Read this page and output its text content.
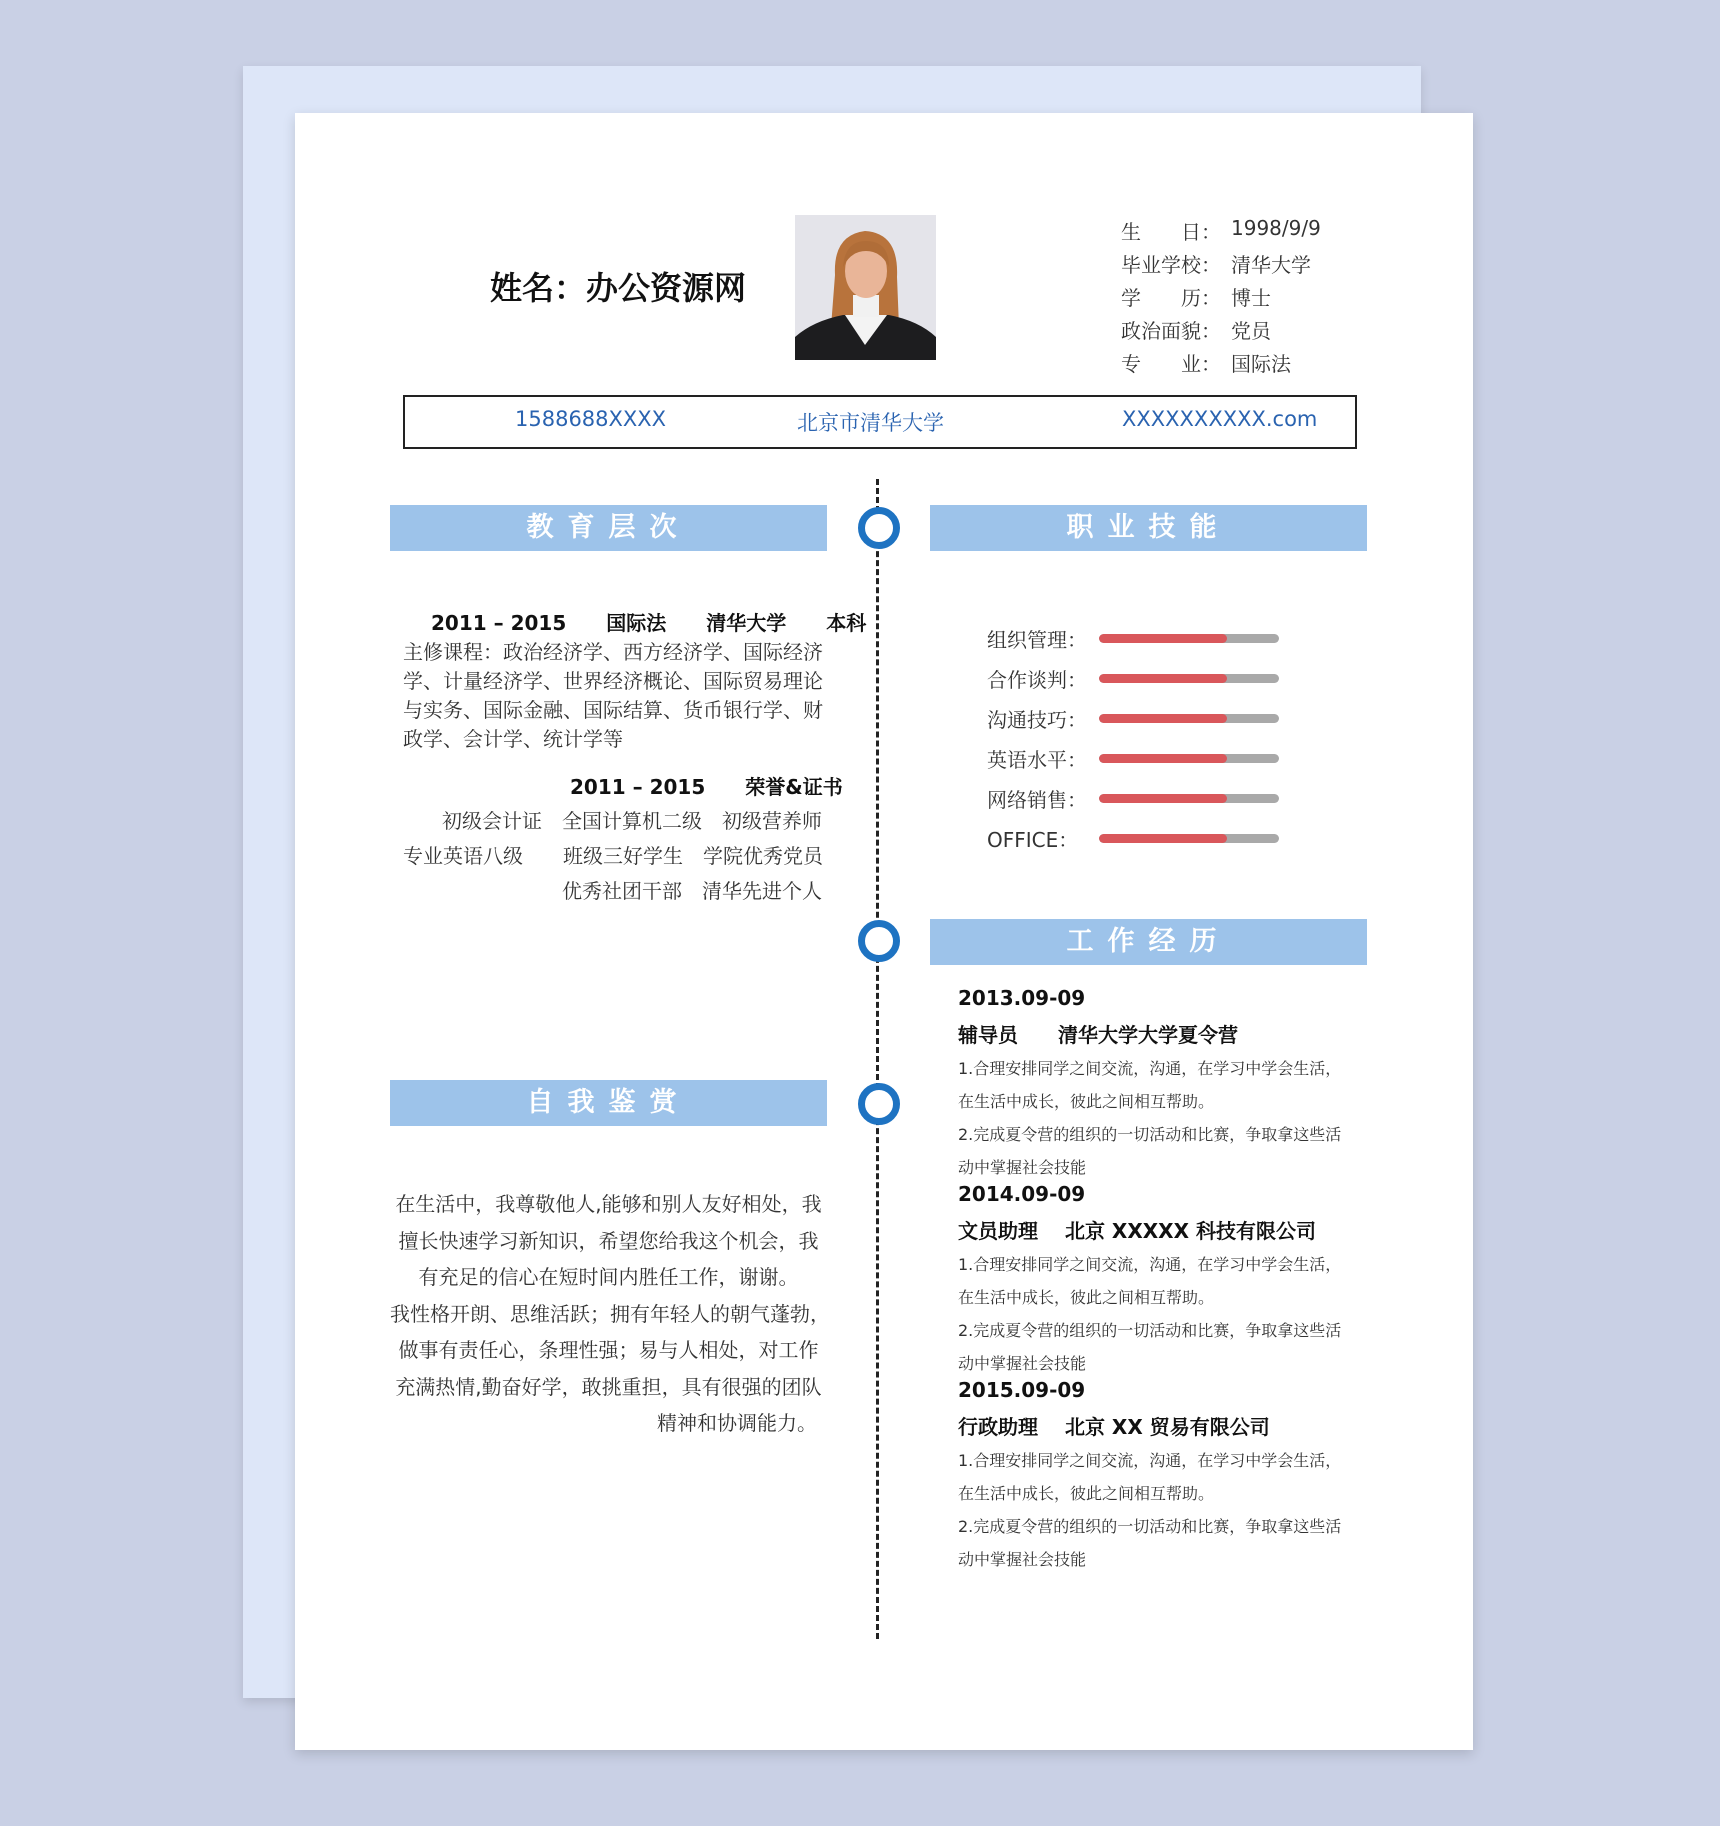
姓名：办公资源网
生　　日： 1998/9/9
毕业学校： 清华大学
学　　历： 博士
政治面貌： 党员
专　　业： 国际法
1588688XXXX	北京市清华大学	XXXXXXXXXX.com
教育层次
2011 – 2015　　国际法　　清华大学　　本科
主修课程：政治经济学、西方经济学、国际经济
学、计量经济学、世界经济概论、国际贸易理论
与实务、国际金融、国际结算、货币银行学、财
政学、会计学、统计学等
2011 – 2015　　荣誉&证书
初级会计证　全国计算机二级　初级营养师
专业英语八级　　班级三好学生　学院优秀党员
优秀社团干部　清华先进个人
职业技能
组织管理：
合作谈判：
沟通技巧：
英语水平：
网络销售：
OFFICE：
工作经历
2013.09-09
辅导员　　清华大学大学夏令营
1.合理安排同学之间交流，沟通，在学习中学会生活，
在生活中成长，彼此之间相互帮助。
2.完成夏令营的组织的一切活动和比赛，争取拿这些活
动中掌握社会技能
2014.09-09
文员助理　 北京 XXXXX 科技有限公司
1.合理安排同学之间交流，沟通，在学习中学会生活，
在生活中成长，彼此之间相互帮助。
2.完成夏令营的组织的一切活动和比赛，争取拿这些活
动中掌握社会技能
2015.09-09
行政助理　 北京 XX 贸易有限公司
1.合理安排同学之间交流，沟通，在学习中学会生活，
在生活中成长，彼此之间相互帮助。
2.完成夏令营的组织的一切活动和比赛，争取拿这些活
动中掌握社会技能
自我鉴赏
在生活中，我尊敬他人,能够和别人友好相处，我
擅长快速学习新知识，希望您给我这个机会，我
有充足的信心在短时间内胜任工作，谢谢。
我性格开朗、思维活跃；拥有年轻人的朝气蓬勃，
做事有责任心，条理性强；易与人相处，对工作
充满热情,勤奋好学，敢挑重担，具有很强的团队
精神和协调能力。
